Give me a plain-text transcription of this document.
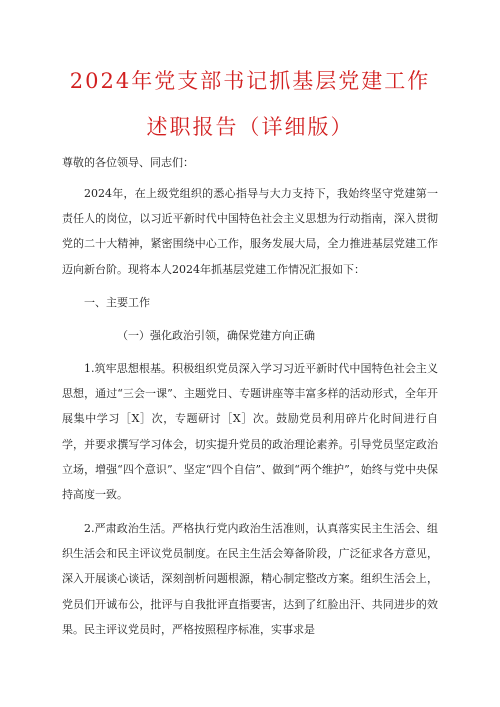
2024年党支部书记抓基层党建工作
述职报告（详细版）
尊敬的各位领导、同志们：
2024年，在上级党组织的悉心指导与大力支持下，我始终坚守党建第一责任人的岗位，以习近平新时代中国特色社会主义思想为行动指南，深入贯彻党的二十大精神，紧密围绕中心工作，服务发展大局，全力推进基层党建工作迈向新台阶。现将本人2024年抓基层党建工作情况汇报如下：
一、主要工作
（一）强化政治引领，确保党建方向正确
1.筑牢思想根基。积极组织党员深入学习习近平新时代中国特色社会主义思想，通过“三会一课”、主题党日、专题讲座等丰富多样的活动形式，全年开展集中学习［X］次，专题研讨［X］次。鼓励党员利用碎片化时间进行自学，并要求撰写学习体会，切实提升党员的政治理论素养。引导党员坚定政治立场，增强“四个意识”、坚定“四个自信”、做到“两个维护”，始终与党中央保持高度一致。
2.严肃政治生活。严格执行党内政治生活准则，认真落实民主生活会、组织生活会和民主评议党员制度。在民主生活会筹备阶段，广泛征求各方意见，深入开展谈心谈话，深刻剖析问题根源，精心制定整改方案。组织生活会上，党员们开诚布公，批评与自我批评直指要害，达到了红脸出汗、共同进步的效果。民主评议党员时，严格按照程序标准，实事求是
